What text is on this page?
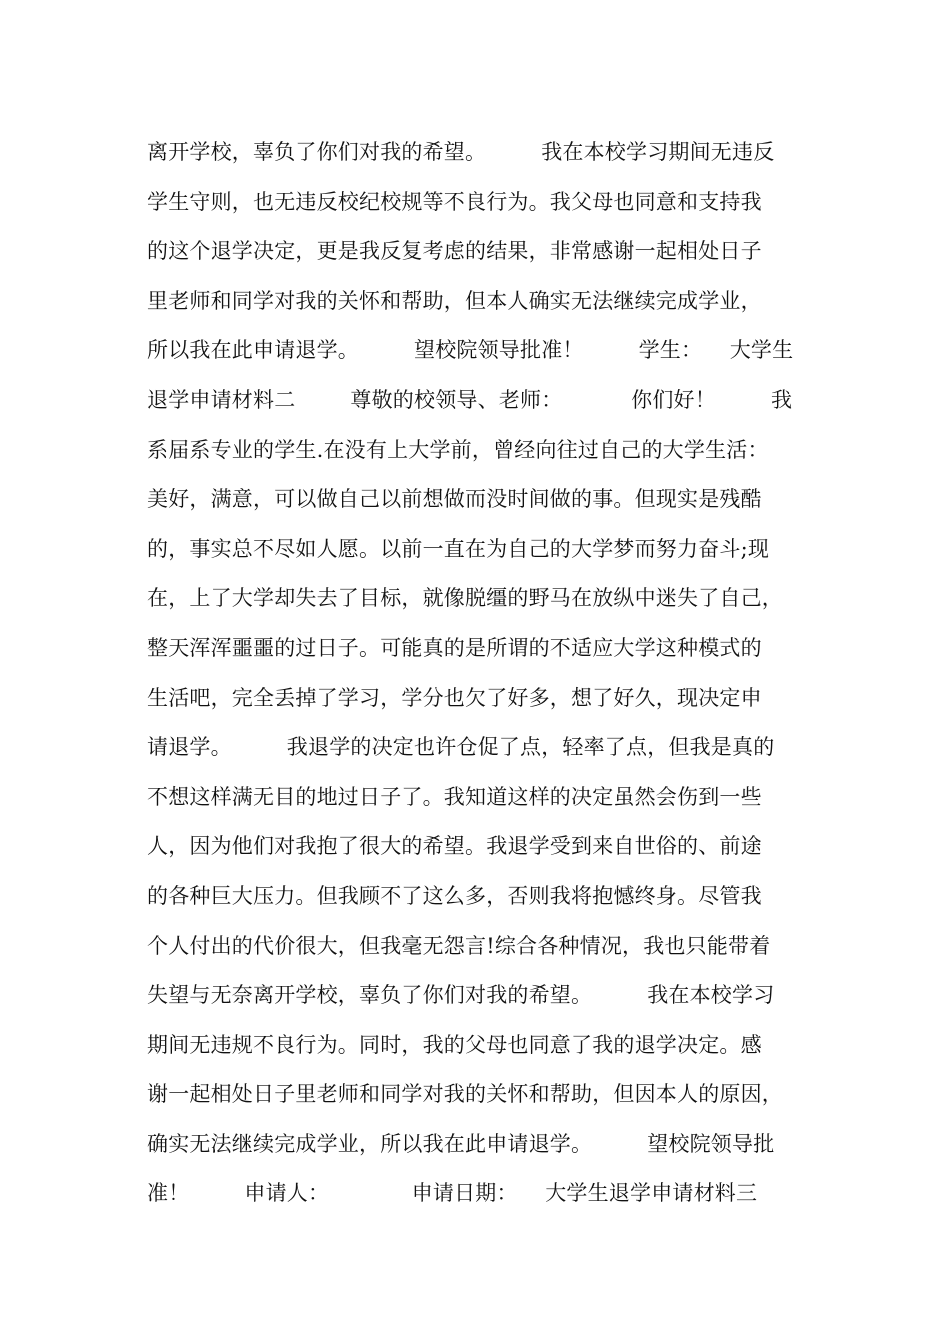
离开学校，辜负了你们对我的希望。        我在本校学习期间无违反
学生守则，也无违反校纪校规等不良行为。我父母也同意和支持我
的这个退学决定，更是我反复考虑的结果，非常感谢一起相处日子
里老师和同学对我的关怀和帮助，但本人确实无法继续完成学业，
所以我在此申请退学。        望校院领导批准！        学生：    大学生
退学申请材料二        尊敬的校领导、老师：          你们好！        我
系届系专业的学生.在没有上大学前，曾经向往过自己的大学生活：
美好，满意，可以做自己以前想做而没时间做的事。但现实是残酷
的，事实总不尽如人愿。以前一直在为自己的大学梦而努力奋斗;现
在，上了大学却失去了目标，就像脱缰的野马在放纵中迷失了自己，
整天浑浑噩噩的过日子。可能真的是所谓的不适应大学这种模式的
生活吧，完全丢掉了学习，学分也欠了好多，想了好久，现决定申
请退学。        我退学的决定也许仓促了点，轻率了点，但我是真的
不想这样满无目的地过日子了。我知道这样的决定虽然会伤到一些
人，因为他们对我抱了很大的希望。我退学受到来自世俗的、前途
的各种巨大压力。但我顾不了这么多，否则我将抱憾终身。尽管我
个人付出的代价很大，但我毫无怨言!综合各种情况，我也只能带着
失望与无奈离开学校，辜负了你们对我的希望。        我在本校学习
期间无违规不良行为。同时，我的父母也同意了我的退学决定。感
谢一起相处日子里老师和同学对我的关怀和帮助，但因本人的原因，
确实无法继续完成学业，所以我在此申请退学。        望校院领导批
准！        申请人：            申请日期：    大学生退学申请材料三
